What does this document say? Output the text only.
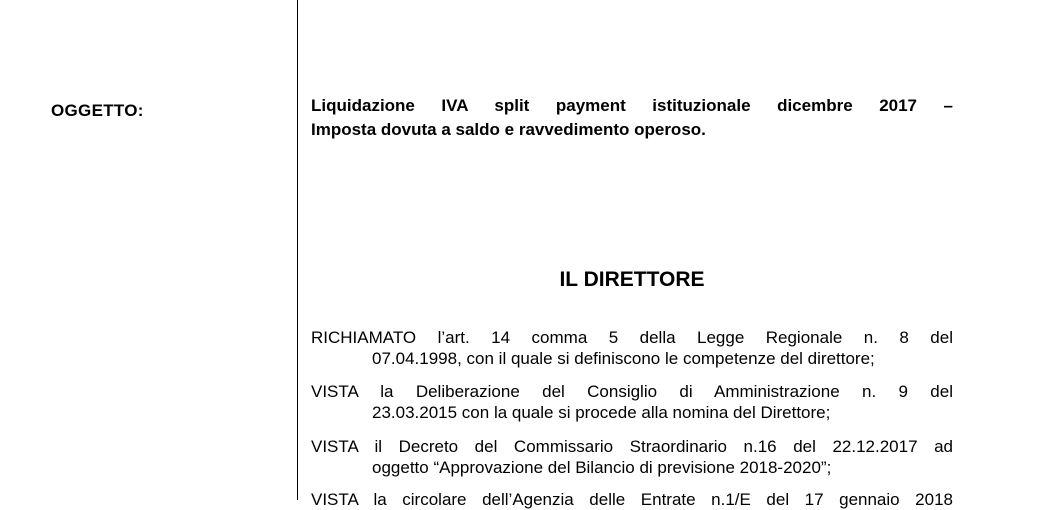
OGGETTO:	Liquidazione IVA split payment istituzionale dicembre 2017 –
Imposta dovuta a saldo e ravvedimento operoso.
IL DIRETTORE
RICHIAMATO l’art. 14 comma 5 della Legge Regionale n. 8 del
07.04.1998, con il quale si definiscono le competenze del direttore;
VISTA la Deliberazione del Consiglio di Amministrazione n. 9 del
23.03.2015 con la quale si procede alla nomina del Direttore;
VISTA il Decreto del Commissario Straordinario n.16 del 22.12.2017 ad
oggetto “Approvazione del Bilancio di previsione 2018-2020”;
VISTA la circolare dell’Agenzia delle Entrate n.1/E del 17 gennaio 2018
